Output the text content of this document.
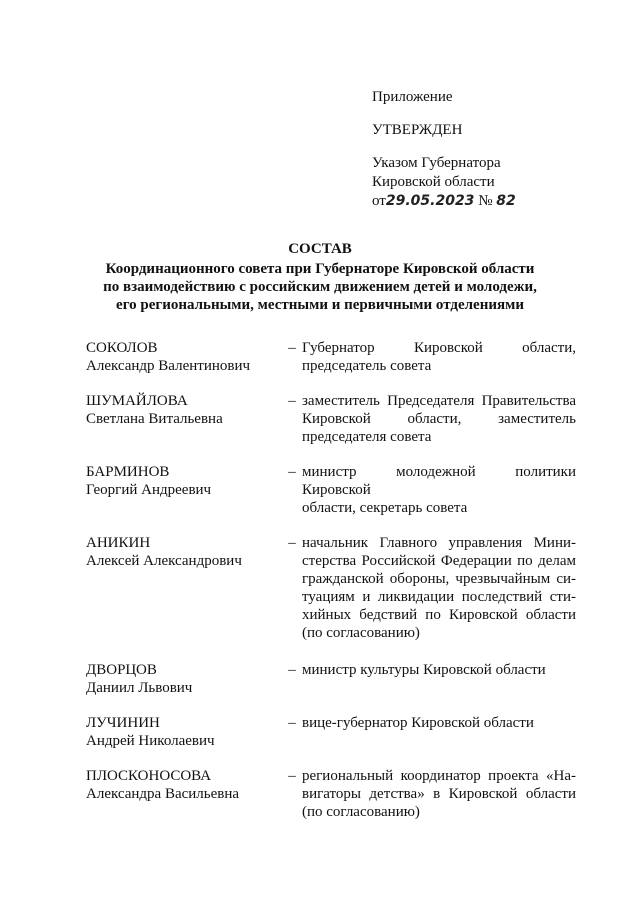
Приложение
УТВЕРЖДЕН
Указом Губернатора
Кировской области
от29.05.2023 № 82
СОСТАВ
Координационного совета при Губернаторе Кировской области
по взаимодействию с российским движением детей и молодежи,
его региональными, местными и первичными отделениями
СОКОЛОВ
Александр Валентинович
– Губернатор Кировской области,
председатель совета
ШУМАЙЛОВА
Светлана Витальевна
– заместитель Председателя Правительства
Кировской области, заместитель
председателя совета
БАРМИНОВ
Георгий Андреевич
– министр молодежной политики Кировской
области, секретарь совета
АНИКИН
Алексей Александрович
– начальник Главного управления Мини-
стерства Российской Федерации по делам
гражданской обороны, чрезвычайным си-
туациям и ликвидации последствий сти-
хийных бедствий по Кировской области
(по согласованию)
ДВОРЦОВ
Даниил Львович
– министр культуры Кировской области
ЛУЧИНИН
Андрей Николаевич
– вице-губернатор Кировской области
ПЛОСКОНОСОВА
Александра Васильевна
– региональный координатор проекта «На-
вигаторы детства» в Кировской области
(по согласованию)
